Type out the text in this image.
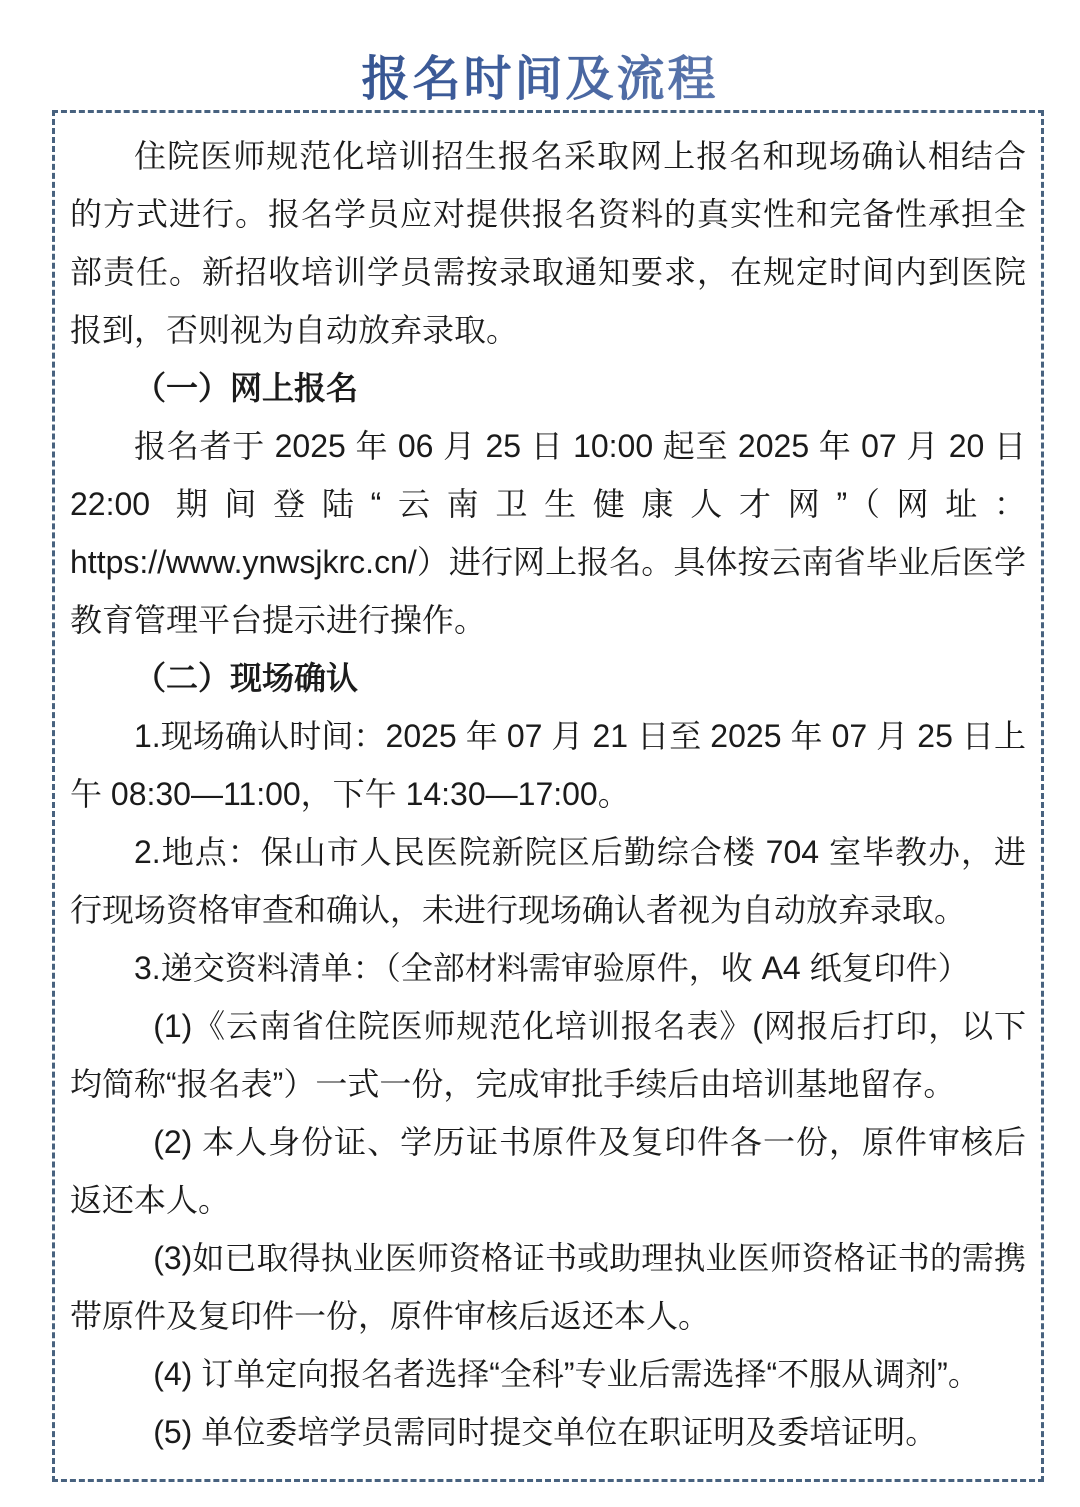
报名时间及流程

住院医师规范化培训招生报名采取网上报名和现场确认相结合的方式进行。报名学员应对提供报名资料的真实性和完备性承担全部责任。新招收培训学员需按录取通知要求，在规定时间内到医院报到，否则视为自动放弃录取。

（一）网上报名

报名者于 2025 年 06 月 25 日 10:00 起至 2025 年 07 月 20 日 22:00 期间登陆“云南卫生健康人才网”（网址：https://www.ynwsjkrc.cn/）进行网上报名。具体按云南省毕业后医学教育管理平台提示进行操作。

（二）现场确认

1.现场确认时间：2025 年 07 月 21 日至 2025 年 07 月 25 日上午 08:30—11:00，下午 14:30—17:00。

2.地点：保山市人民医院新院区后勤综合楼 704 室毕教办，进行现场资格审查和确认，未进行现场确认者视为自动放弃录取。

3.递交资料清单：（全部材料需审验原件，收 A4 纸复印件）

(1)《云南省住院医师规范化培训报名表》(网报后打印，以下均简称“报名表”）一式一份，完成审批手续后由培训基地留存。

(2) 本人身份证、学历证书原件及复印件各一份，原件审核后返还本人。

(3)如已取得执业医师资格证书或助理执业医师资格证书的需携带原件及复印件一份，原件审核后返还本人。

(4) 订单定向报名者选择“全科”专业后需选择“不服从调剂”。

(5) 单位委培学员需同时提交单位在职证明及委培证明。
